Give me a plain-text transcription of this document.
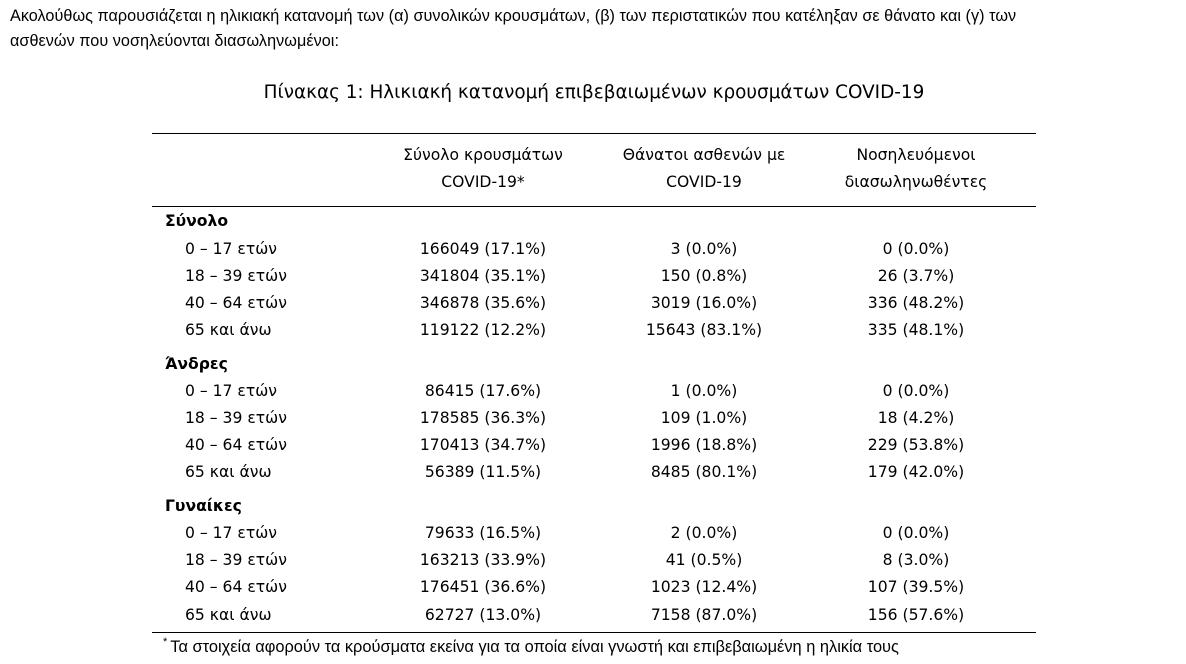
Ακολούθως παρουσιάζεται η ηλικιακή κατανομή των (α) συνολικών κρουσμάτων, (β) των περιστατικών που κατέληξαν σε θάνατο και (γ) των
ασθενών που νοσηλεύονται διασωληνωμένοι:
Πίνακας 1: Ηλικιακή κατανομή επιβεβαιωμένων κρουσμάτων COVID-19
Σύνολο κρουσμάτων
COVID-19*
Θάνατοι ασθενών με
COVID-19
Νοσηλευόμενοι
διασωληνωθέντες
Σύνολο
0 – 17 ετών	166049 (17.1%)	3 (0.0%)	0 (0.0%)
18 – 39 ετών	341804 (35.1%)	150 (0.8%)	26 (3.7%)
40 – 64 ετών	346878 (35.6%)	3019 (16.0%)	336 (48.2%)
65 και άνω	119122 (12.2%)	15643 (83.1%)	335 (48.1%)
Άνδρες
0 – 17 ετών	86415 (17.6%)	1 (0.0%)	0 (0.0%)
18 – 39 ετών	178585 (36.3%)	109 (1.0%)	18 (4.2%)
40 – 64 ετών	170413 (34.7%)	1996 (18.8%)	229 (53.8%)
65 και άνω	56389 (11.5%)	8485 (80.1%)	179 (42.0%)
Γυναίκες
0 – 17 ετών	79633 (16.5%)	2 (0.0%)	0 (0.0%)
18 – 39 ετών	163213 (33.9%)	41 (0.5%)	8 (3.0%)
40 – 64 ετών	176451 (36.6%)	1023 (12.4%)	107 (39.5%)
65 και άνω	62727 (13.0%)	7158 (87.0%)	156 (57.6%)
* Τα στοιχεία αφορούν τα κρούσματα εκείνα για τα οποία είναι γνωστή και επιβεβαιωμένη η ηλικία τους
